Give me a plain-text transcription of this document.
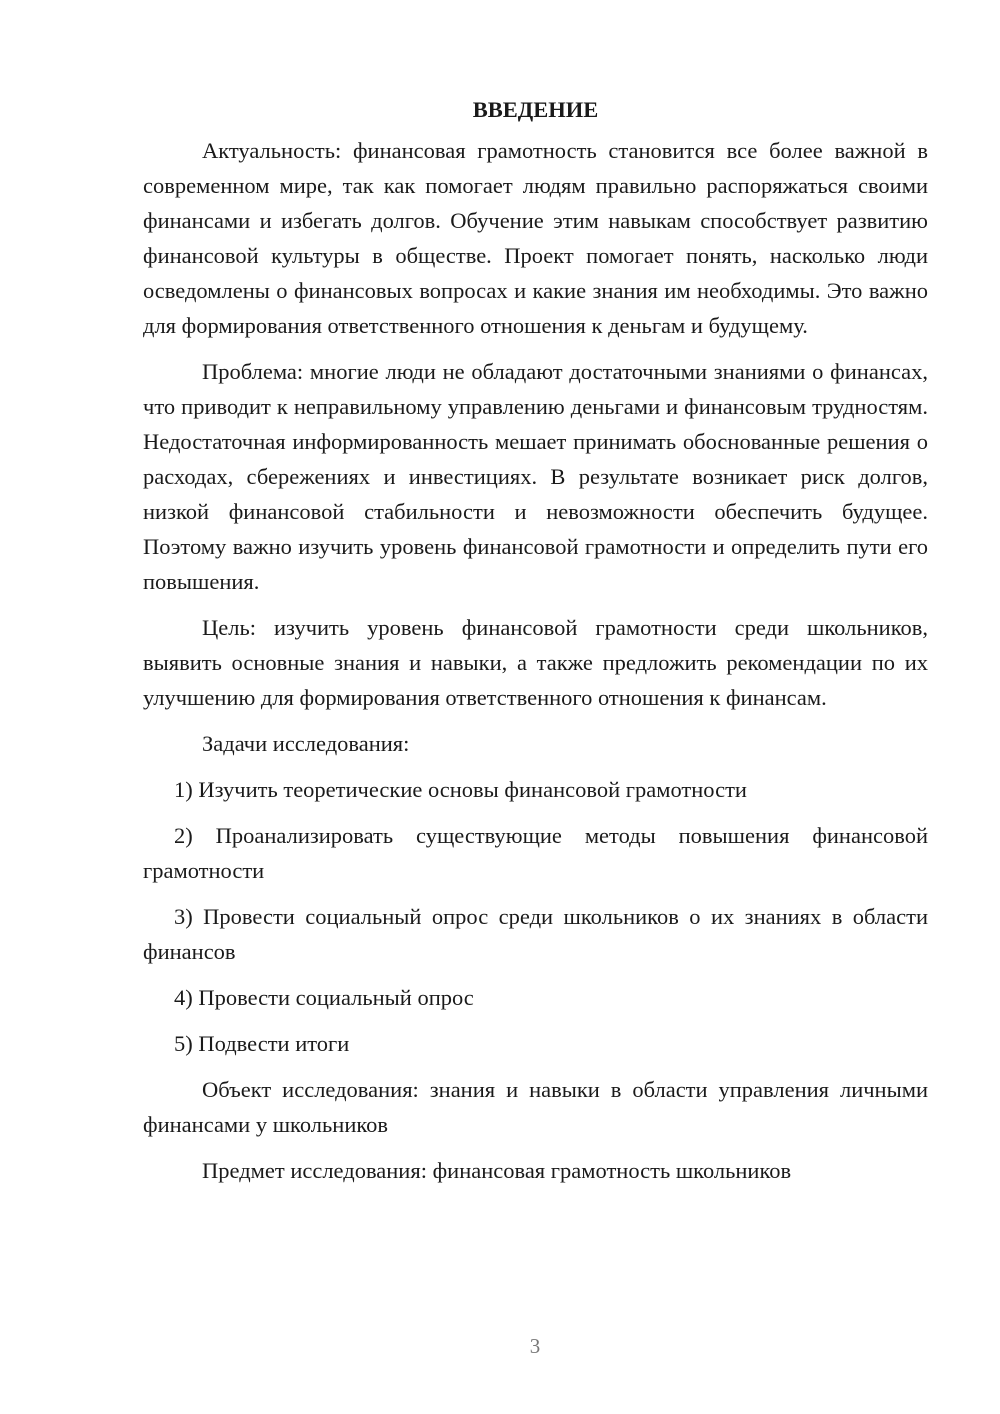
ВВЕДЕНИЕ

Актуальность: финансовая грамотность становится все более важной в современном мире, так как помогает людям правильно распоряжаться своими финансами и избегать долгов. Обучение этим навыкам способствует развитию финансовой культуры в обществе. Проект помогает понять, насколько люди осведомлены о финансовых вопросах и какие знания им необходимы. Это важно для формирования ответственного отношения к деньгам и будущему.

Проблема: многие люди не обладают достаточными знаниями о финансах, что приводит к неправильному управлению деньгами и финансовым трудностям. Недостаточная информированность мешает принимать обоснованные решения о расходах, сбережениях и инвестициях. В результате возникает риск долгов, низкой финансовой стабильности и невозможности обеспечить будущее. Поэтому важно изучить уровень финансовой грамотности и определить пути его повышения.

Цель: изучить уровень финансовой грамотности среди школьников, выявить основные знания и навыки, а также предложить рекомендации по их улучшению для формирования ответственного отношения к финансам.

Задачи исследования:

1) Изучить теоретические основы финансовой грамотности

2) Проанализировать существующие методы повышения финансовой грамотности

3) Провести социальный опрос среди школьников о их знаниях в области финансов

4) Провести социальный опрос

5) Подвести итоги

Объект исследования: знания и навыки в области управления личными финансами у школьников

Предмет исследования: финансовая грамотность школьников

3
